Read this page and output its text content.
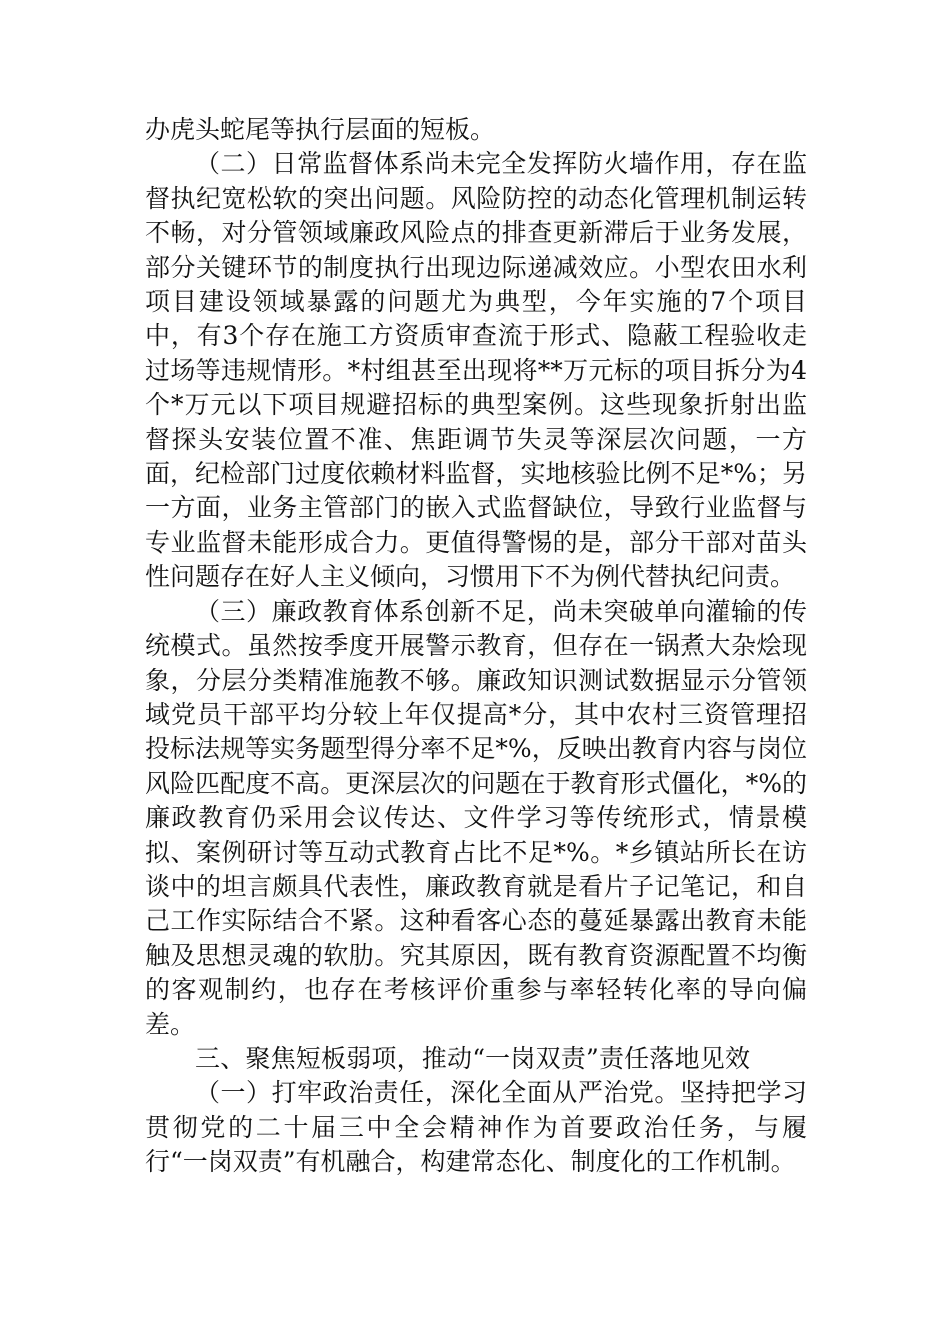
办虎头蛇尾等执行层面的短板。

（二）日常监督体系尚未完全发挥防火墙作用，存在监督执纪宽松软的突出问题。风险防控的动态化管理机制运转不畅，对分管领域廉政风险点的排查更新滞后于业务发展，部分关键环节的制度执行出现边际递减效应。小型农田水利项目建设领域暴露的问题尤为典型，今年实施的7个项目中，有3个存在施工方资质审查流于形式、隐蔽工程验收走过场等违规情形。*村组甚至出现将**万元标的项目拆分为4个*万元以下项目规避招标的典型案例。这些现象折射出监督探头安装位置不准、焦距调节失灵等深层次问题，一方面，纪检部门过度依赖材料监督，实地核验比例不足*%；另一方面，业务主管部门的嵌入式监督缺位，导致行业监督与专业监督未能形成合力。更值得警惕的是，部分干部对苗头性问题存在好人主义倾向，习惯用下不为例代替执纪问责。

（三）廉政教育体系创新不足，尚未突破单向灌输的传统模式。虽然按季度开展警示教育，但存在一锅煮大杂烩现象，分层分类精准施教不够。廉政知识测试数据显示分管领域党员干部平均分较上年仅提高*分，其中农村三资管理招投标法规等实务题型得分率不足*%，反映出教育内容与岗位风险匹配度不高。更深层次的问题在于教育形式僵化，*%的廉政教育仍采用会议传达、文件学习等传统形式，情景模拟、案例研讨等互动式教育占比不足*%。*乡镇站所长在访谈中的坦言颇具代表性，廉政教育就是看片子记笔记，和自己工作实际结合不紧。这种看客心态的蔓延暴露出教育未能触及思想灵魂的软肋。究其原因，既有教育资源配置不均衡的客观制约，也存在考核评价重参与率轻转化率的导向偏差。

三、聚焦短板弱项，推动“一岗双责”责任落地见效

（一）打牢政治责任，深化全面从严治党。坚持把学习贯彻党的二十届三中全会精神作为首要政治任务，与履行“一岗双责”有机融合，构建常态化、制度化的工作机制。
